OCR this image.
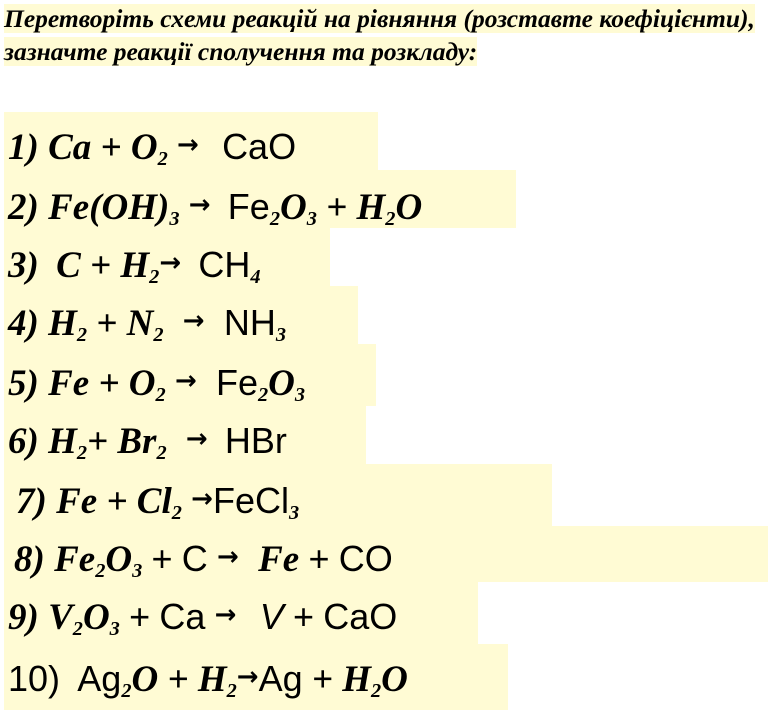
Перетворіть схеми реакцій на рівняння (розставте коефіцієнти), зазначте реакції сполучення та розкладу:
1) $Ca + O_2$ → CaO
2) $Fe(OH)_3 \to Fe_2O_3 + H_2O$
3) $C + H_2\to CH_4$
4) $H_2 + N_2 \to NH_3$
5) $Fe + O_2 \to Fe_2O_3$
6) $H_2+ Br_2$ → HBr
7) $Fe + Cl_2$ →FeCl$_3$
8) $Fe_2O_3 + C \to Fe$ + CO
9) $V_2O_3 + Ca \to V$ + CaO
10) $Ag_2O + H_2\to Ag + H_2O$
